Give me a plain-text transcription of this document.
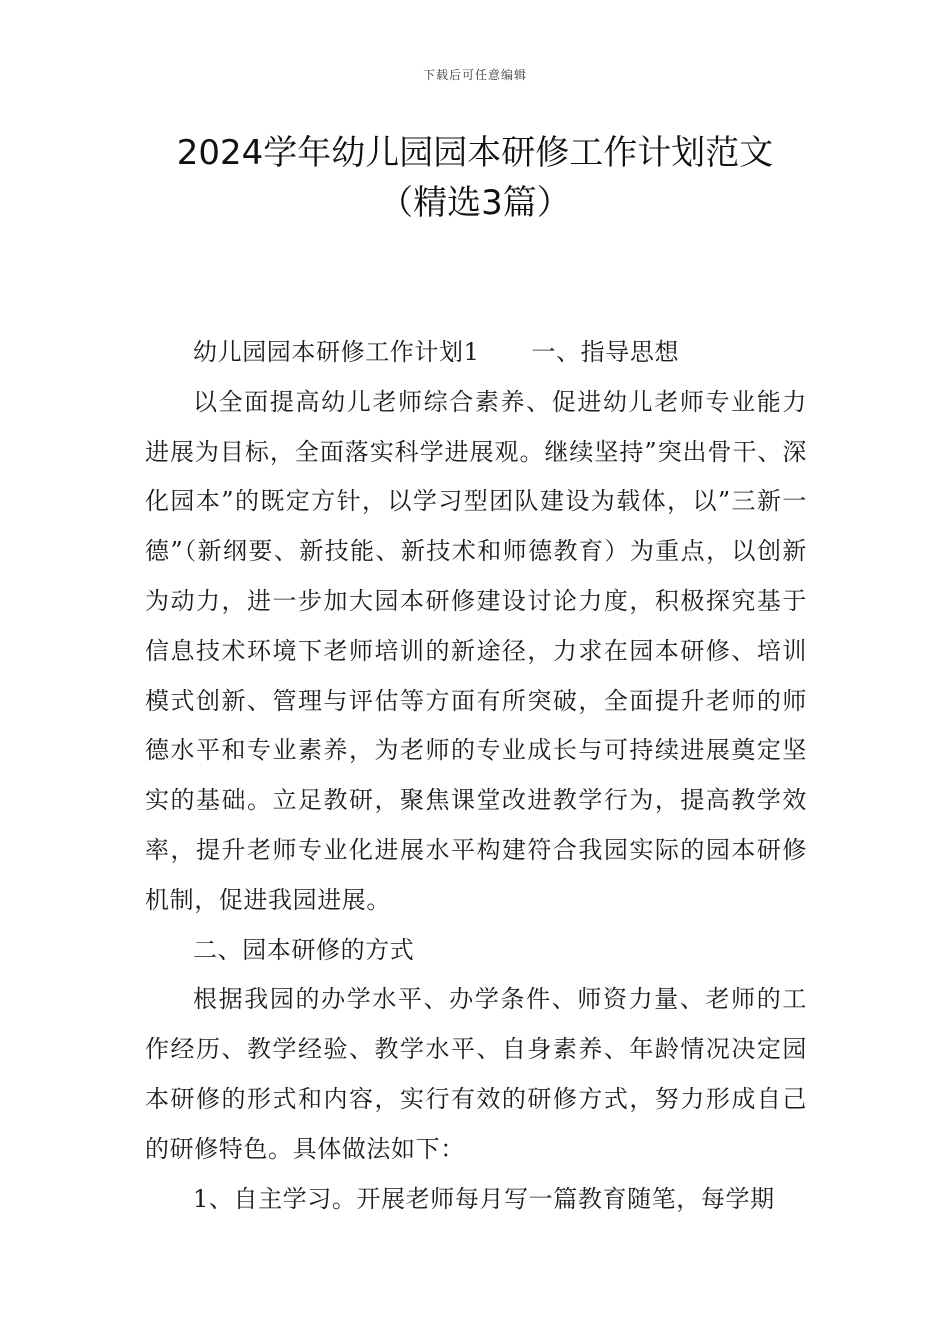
下载后可任意编辑
2024学年幼儿园园本研修工作计划范文
（精选3篇）

幼儿园园本研修工作计划1 一、指导思想

以全面提高幼儿老师综合素养、促进幼儿老师专业能力进展为目标，全面落实科学进展观。继续坚持”突出骨干、深化园本”的既定方针，以学习型团队建设为载体，以”三新一德”（新纲要、新技能、新技术和师德教育）为重点，以创新为动力，进一步加大园本研修建设讨论力度，积极探究基于信息技术环境下老师培训的新途径，力求在园本研修、培训模式创新、管理与评估等方面有所突破，全面提升老师的师德水平和专业素养，为老师的专业成长与可持续进展奠定坚实的基础。立足教研，聚焦课堂改进教学行为，提高教学效率，提升老师专业化进展水平构建符合我园实际的园本研修机制，促进我园进展。

二、园本研修的方式

根据我园的办学水平、办学条件、师资力量、老师的工作经历、教学经验、教学水平、自身素养、年龄情况决定园本研修的形式和内容，实行有效的研修方式，努力形成自己的研修特色。具体做法如下：

1、自主学习。开展老师每月写一篇教育随笔，每学期
